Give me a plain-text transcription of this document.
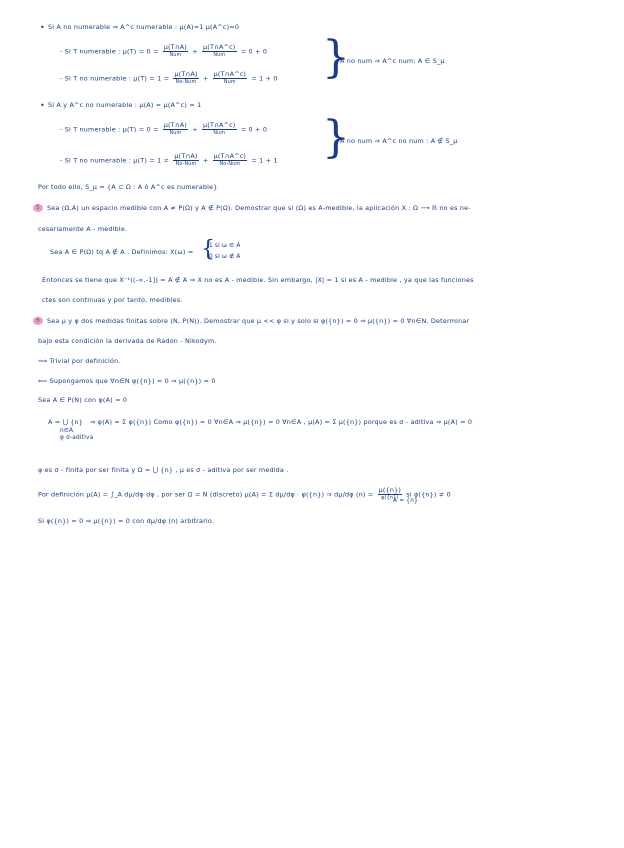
• Si A no numerable ⇒ A^c numerable : μ(A)=1 μ(A^c)=0
- Si T numerable : $\mu(T) = 0 = \frac{\mu(T\cap A)}{\text{Num}} + \frac{\mu(T\cap A\^{}c)}{\text{Num}} = 0 + 0$
- Si T no numerable : $\mu(T) = 1 = \frac{\mu(T\cap A)}{\text{No-Num}} + \frac{\mu(T\cap A\^{}c)}{\text{Num}} = 1 + 0$ }
A no num ⇒ A^c num: A ∈ S_μ
• Si A y A^c no numerable : μ(A) = μ(A^c) = 1
- Si T numerable : $\mu(T) = 0 = \frac{\mu(T\cap A)}{\text{Num}} + \frac{\mu(T\cap A\^{}c)}{\text{Num}} = 0 + 0$
- Si T no numerable : $\mu(T) = 1 \ne \frac{\mu(T\cap A)}{\text{No-Num}} + \frac{\mu(T\cap A\^{}c)}{\text{No-Num}} = 1 + 1$ }
A no num ⇒ A^c no num : A ∉ S_μ
Por todo ello, S_μ = {A ⊂ Ω : A ó A^c es numerable}
5 Sea (Ω,A) un espacio medible con A ≠ P(Ω) y A ∉ P(Ω). Demostrar que si (Ω) es A-medible, la aplicación X : Ω ⟶ ℝ no es ne-
cesariamente A - medible.
Sea A ∈ P(Ω) tq A ∉ A . Definimos: X(ω) = {
1 si ω ∈ A
0 si ω ∉ A
Entonces se tiene que X⁻¹((-∞,-1]) = A ∉ A ⇒ X no es A - medible. Sin embargo, |X| = 1 si es A - medible , ya que las funciones
ctes son continuas y por tanto, medibles.
6 Sea μ y φ dos medidas finitas sobre (N, P(N)). Demostrar que μ << φ si y solo si φ({n}) = 0 ⇒ μ({n}) = 0 ∀n∈N. Determinar
bajo esta condición la derivada de Radon - Nikodym.
⟹ Trivial por definición.
⟸ Supongamos que ∀n∈N φ({n}) = 0 ⇒ μ({n}) = 0
Sea A ∈ P(N) con φ(A) = 0
A = ⋃ {n}
n∈A
⇒ φ(A) = Σ φ({n}) Como φ({n}) = 0 ∀n∈A ⇒ μ({n}) = 0 ∀n∈A , μ(A) = Σ μ({n}) porque es σ - aditiva ⇒ μ(A) = 0
φ σ-aditiva
φ es σ - finita por ser finita y Ω = ⋃ {n} , μ es σ - aditiva por ser medida .
Por definición μ(A) = ∫_A dμ/dφ dφ , por ser Ω = N (discreto) μ(A) = Σ dμ/dφ · φ({n}) ⇒ dμ/dφ $(n) = \frac{\mu(\{n\})}{\varphi(\{n\})}$ si φ({n}) ≠ 0
A = {n}
Si φ({n}) = 0 ⇒ μ({n}) = 0 con dμ/dφ (n) arbitrario.
